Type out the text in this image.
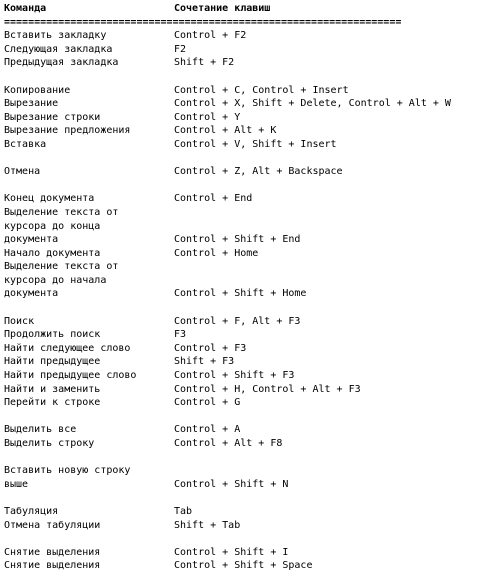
Команда	Сочетание клавиш
==================================================================
Вставить закладку	Control + F2
Следующая закладка	F2
Предыдущая закладка	Shift + F2
Копирование	Control + C, Control + Insert
Вырезание	Control + X, Shift + Delete, Control + Alt + W
Вырезание строки	Control + Y
Вырезание предложения	Control + Alt + K
Вставка	Control + V, Shift + Insert
Отмена	Control + Z, Alt + Backspace
Конец документа	Control + End
Выделение текста от
курсора до конца
документа	Control + Shift + End
Начало документа	Control + Home
Выделение текста от
курсора до начала
документа	Control + Shift + Home
Поиск	Control + F, Alt + F3
Продолжить поиск	F3
Найти следующее слово	Control + F3
Найти предыдущее	Shift + F3
Найти предыдущее слово	Control + Shift + F3
Найти и заменить	Control + H, Control + Alt + F3
Перейти к строке	Control + G
Выделить все	Control + A
Выделить строку	Control + Alt + F8
Вставить новую строку
выше	Control + Shift + N
Табуляция	Tab
Отмена табуляции	Shift + Tab
Снятие выделения	Control + Shift + I
Снятие выделения	Control + Shift + Space
